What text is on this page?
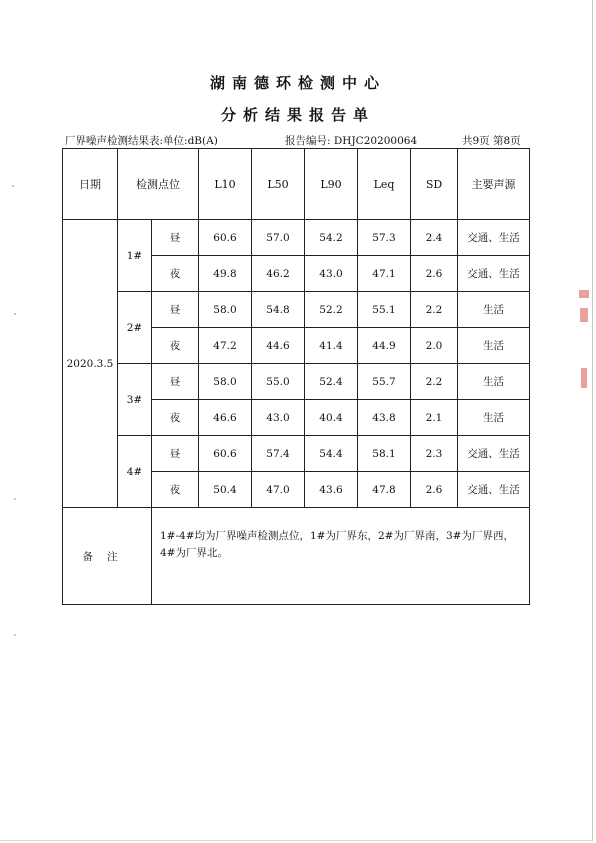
湖南德环检测中心
分析结果报告单
厂界噪声检测结果表:单位:dB(A)	报告编号: DHJC20200064	共9页 第8页
日期	检测点位		L10	L50	L90	Leq	SD	主要声源
2020.3.5	1#	昼	60.6	57.0	54.2	57.3	2.4	交通、生活
		夜	49.8	46.2	43.0	47.1	2.6	交通、生活
	2#	昼	58.0	54.8	52.2	55.1	2.2	生活
		夜	47.2	44.6	41.4	44.9	2.0	生活
	3#	昼	58.0	55.0	52.4	55.7	2.2	生活
		夜	46.6	43.0	40.4	43.8	2.1	生活
	4#	昼	60.6	57.4	54.4	58.1	2.3	交通、生活
		夜	50.4	47.0	43.6	47.8	2.6	交通、生活
备注		1#-4#均为厂界噪声检测点位，1#为厂界东，2#为厂界南，3#为厂界西，4#为厂界北。						
